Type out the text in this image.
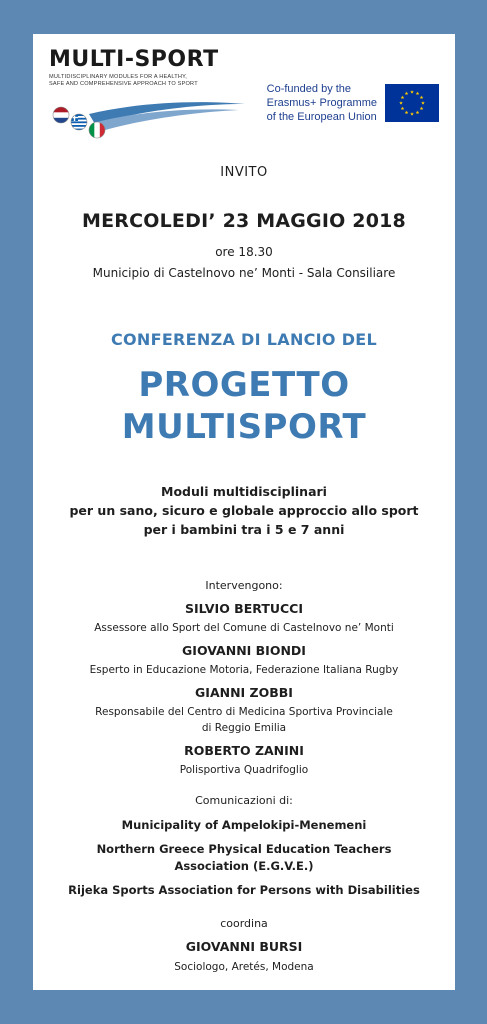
MULTI-SPORT
MULTIDISCIPLINARY MODULES FOR A HEALTHY,
SAFE AND COMPREHENSIVE APPROACH TO SPORT	Co-funded by the
Erasmus+ Programme
of the European Union
INVITO
MERCOLEDI’ 23 MAGGIO 2018
ore 18.30
Municipio di Castelnovo ne’ Monti - Sala Consiliare
CONFERENZA DI LANCIO DEL
PROGETTO
MULTISPORT
Moduli multidisciplinari
per un sano, sicuro e globale approccio allo sport
per i bambini tra i 5 e 7 anni
Intervengono:
SILVIO BERTUCCI
Assessore allo Sport del Comune di Castelnovo ne’ Monti
GIOVANNI BIONDI
Esperto in Educazione Motoria, Federazione Italiana Rugby
GIANNI ZOBBI
Responsabile del Centro di Medicina Sportiva Provinciale
di Reggio Emilia
ROBERTO ZANINI
Polisportiva Quadrifoglio
Comunicazioni di:
Municipality of Ampelokipi-Menemeni
Northern Greece Physical Education Teachers
Association (E.G.V.E.)
Rijeka Sports Association for Persons with Disabilities
coordina
GIOVANNI BURSI
Sociologo, Aretés, Modena
